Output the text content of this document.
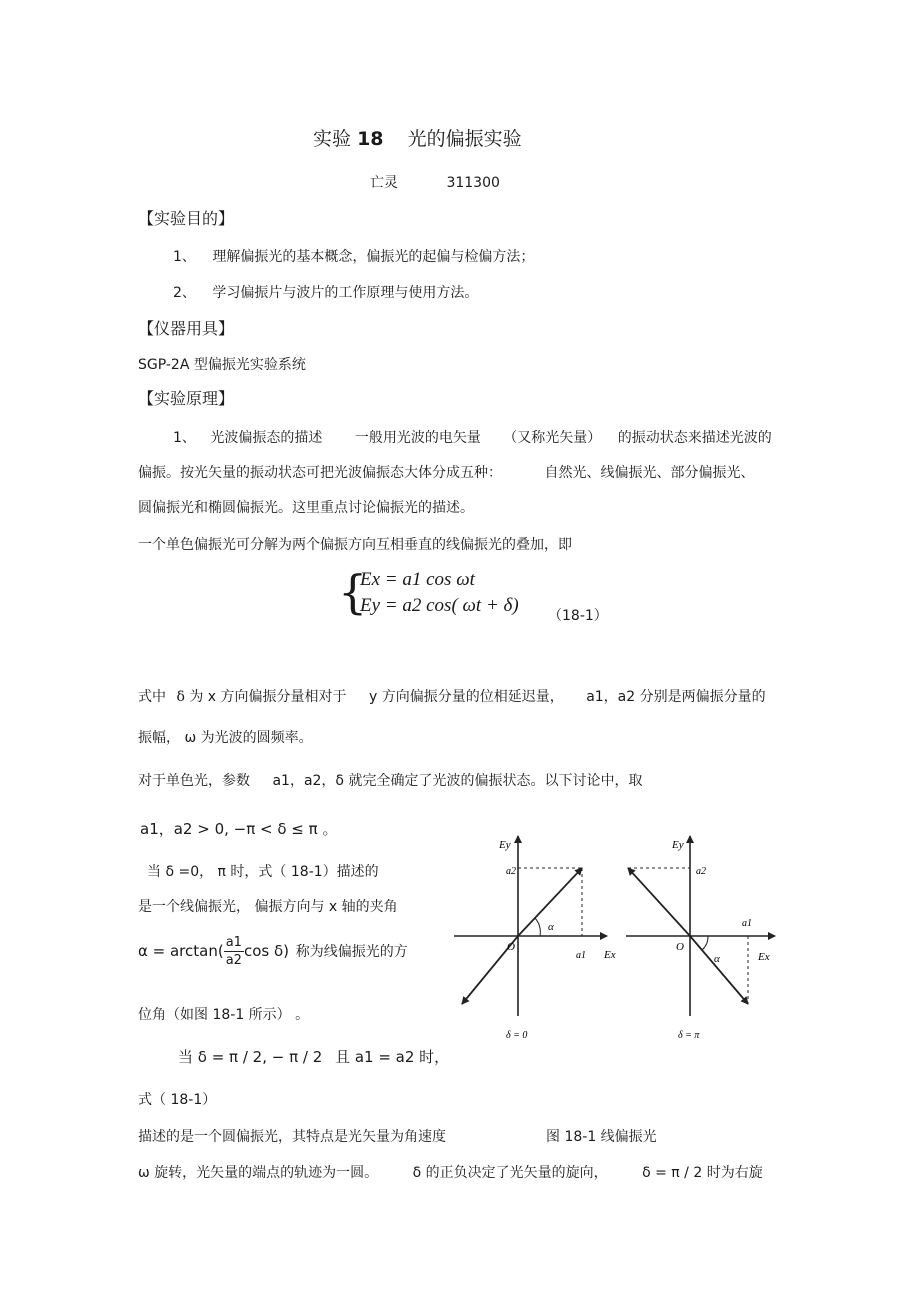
实验 18 光的偏振实验
亡灵	311300
【实验目的】
1、 理解偏振光的基本概念，偏振光的起偏与检偏方法；
2、 学习偏振片与波片的工作原理与使用方法。
【仪器用具】
SGP-2A 型偏振光实验系统
【实验原理】
1、 光波偏振态的描述 一般用光波的电矢量 （又称光矢量） 的振动状态来描述光波的
偏振。按光矢量的振动状态可把光波偏振态大体分成五种：	自然光、线偏振光、部分偏振光、
圆偏振光和椭圆偏振光。这里重点讨论偏振光的描述。
一个单色偏振光可分解为两个偏振方向互相垂直的线偏振光的叠加，即
{
Ex = a1 cos ωt
Ey = a2 cos( ωt + δ) （18-1）
式中 δ 为 x 方向偏振分量相对于 y 方向偏振分量的位相延迟量， a1，a2 分别是两偏振分量的
振幅， ω 为光波的圆频率。
对于单色光，参数 a1，a2，δ 就完全确定了光波的偏振状态。以下讨论中，取
a1，a2 > 0, −π < δ ≤ π 。
当 δ =0， π 时，式（ 18-1）描述的
是一个线偏振光， 偏振方向与 x 轴的夹角
$\alpha = \arctan( \frac{a1}{a2}$ cos δ) 称为线偏振光的方
位角（如图 18-1 所示） 。
当 δ = π / 2, − π / 2 且 a1 = a2 时，
式（ 18-1）
描述的是一个圆偏振光，其特点是光矢量为角速度	图 18-1 线偏振光
ω 旋转，光矢量的端点的轨迹为一圆。 δ 的正负决定了光矢量的旋向， δ = π / 2 时为右旋
Ey
Ex
a2
a1
O
α
δ = 0
Ey
Ex
a2
a1
O
α
δ = π
